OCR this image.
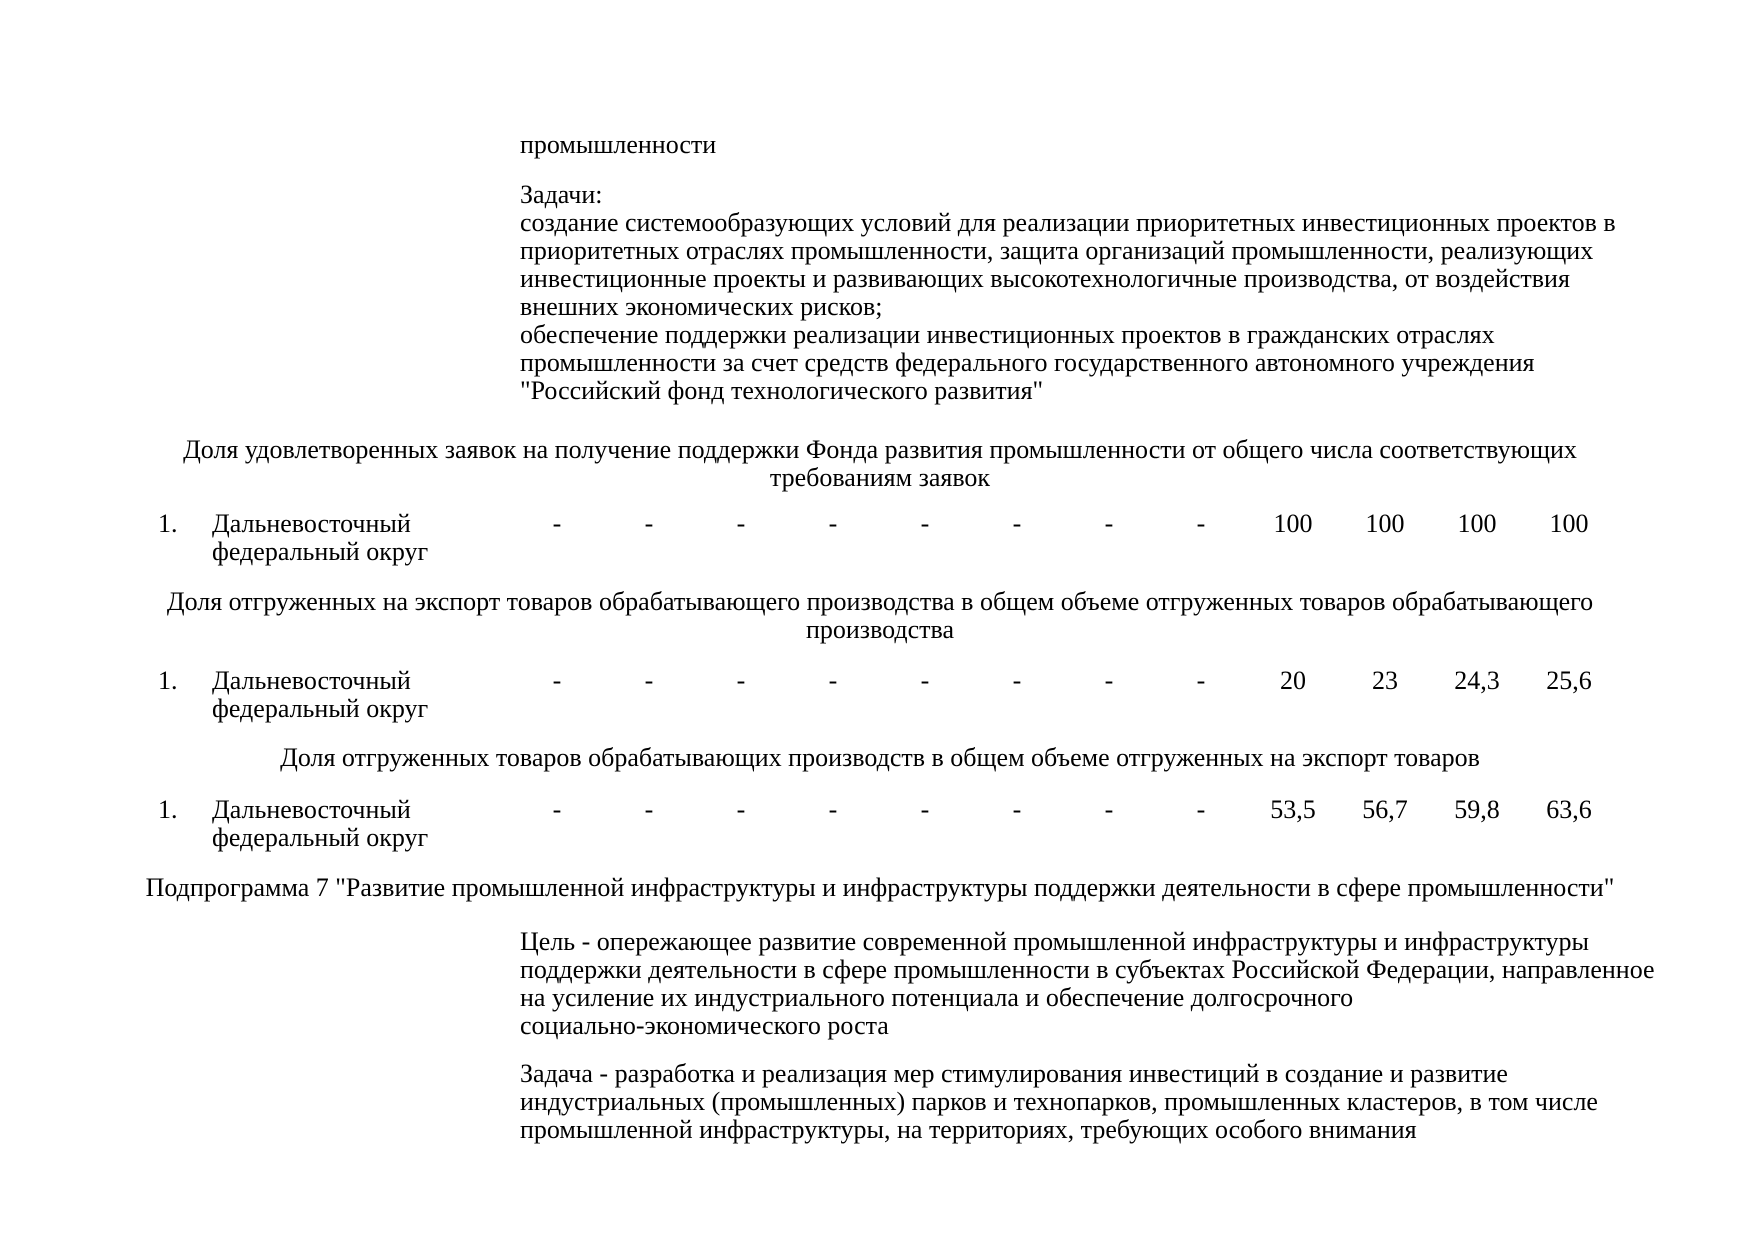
промышленности
Задачи:
создание системообразующих условий для реализации приоритетных инвестиционных проектов в
приоритетных отраслях промышленности, защита организаций промышленности, реализующих
инвестиционные проекты и развивающих высокотехнологичные производства, от воздействия
внешних экономических рисков;
обеспечение поддержки реализации инвестиционных проектов в гражданских отраслях
промышленности за счет средств федерального государственного автономного учреждения
"Российский фонд технологического развития"
Доля удовлетворенных заявок на получение поддержки Фонда развития промышленности от общего числа соответствующих
требованиям заявок
1. Дальневосточный
федеральный округ
-	-	-	-	-	-	-	-	100	100	100	100
Доля отгруженных на экспорт товаров обрабатывающего производства в общем объеме отгруженных товаров обрабатывающего
производства
1. Дальневосточный
федеральный округ
-	-	-	-	-	-	-	-	20	23	24,3	25,6
Доля отгруженных товаров обрабатывающих производств в общем объеме отгруженных на экспорт товаров
1. Дальневосточный
федеральный округ
-	-	-	-	-	-	-	-	53,5	56,7	59,8	63,6
Подпрограмма 7 "Развитие промышленной инфраструктуры и инфраструктуры поддержки деятельности в сфере промышленности"
Цель - опережающее развитие современной промышленной инфраструктуры и инфраструктуры
поддержки деятельности в сфере промышленности в субъектах Российской Федерации, направленное
на усиление их индустриального потенциала и обеспечение долгосрочного
социально-экономического роста
Задача - разработка и реализация мер стимулирования инвестиций в создание и развитие
индустриальных (промышленных) парков и технопарков, промышленных кластеров, в том числе
промышленной инфраструктуры, на территориях, требующих особого внимания
